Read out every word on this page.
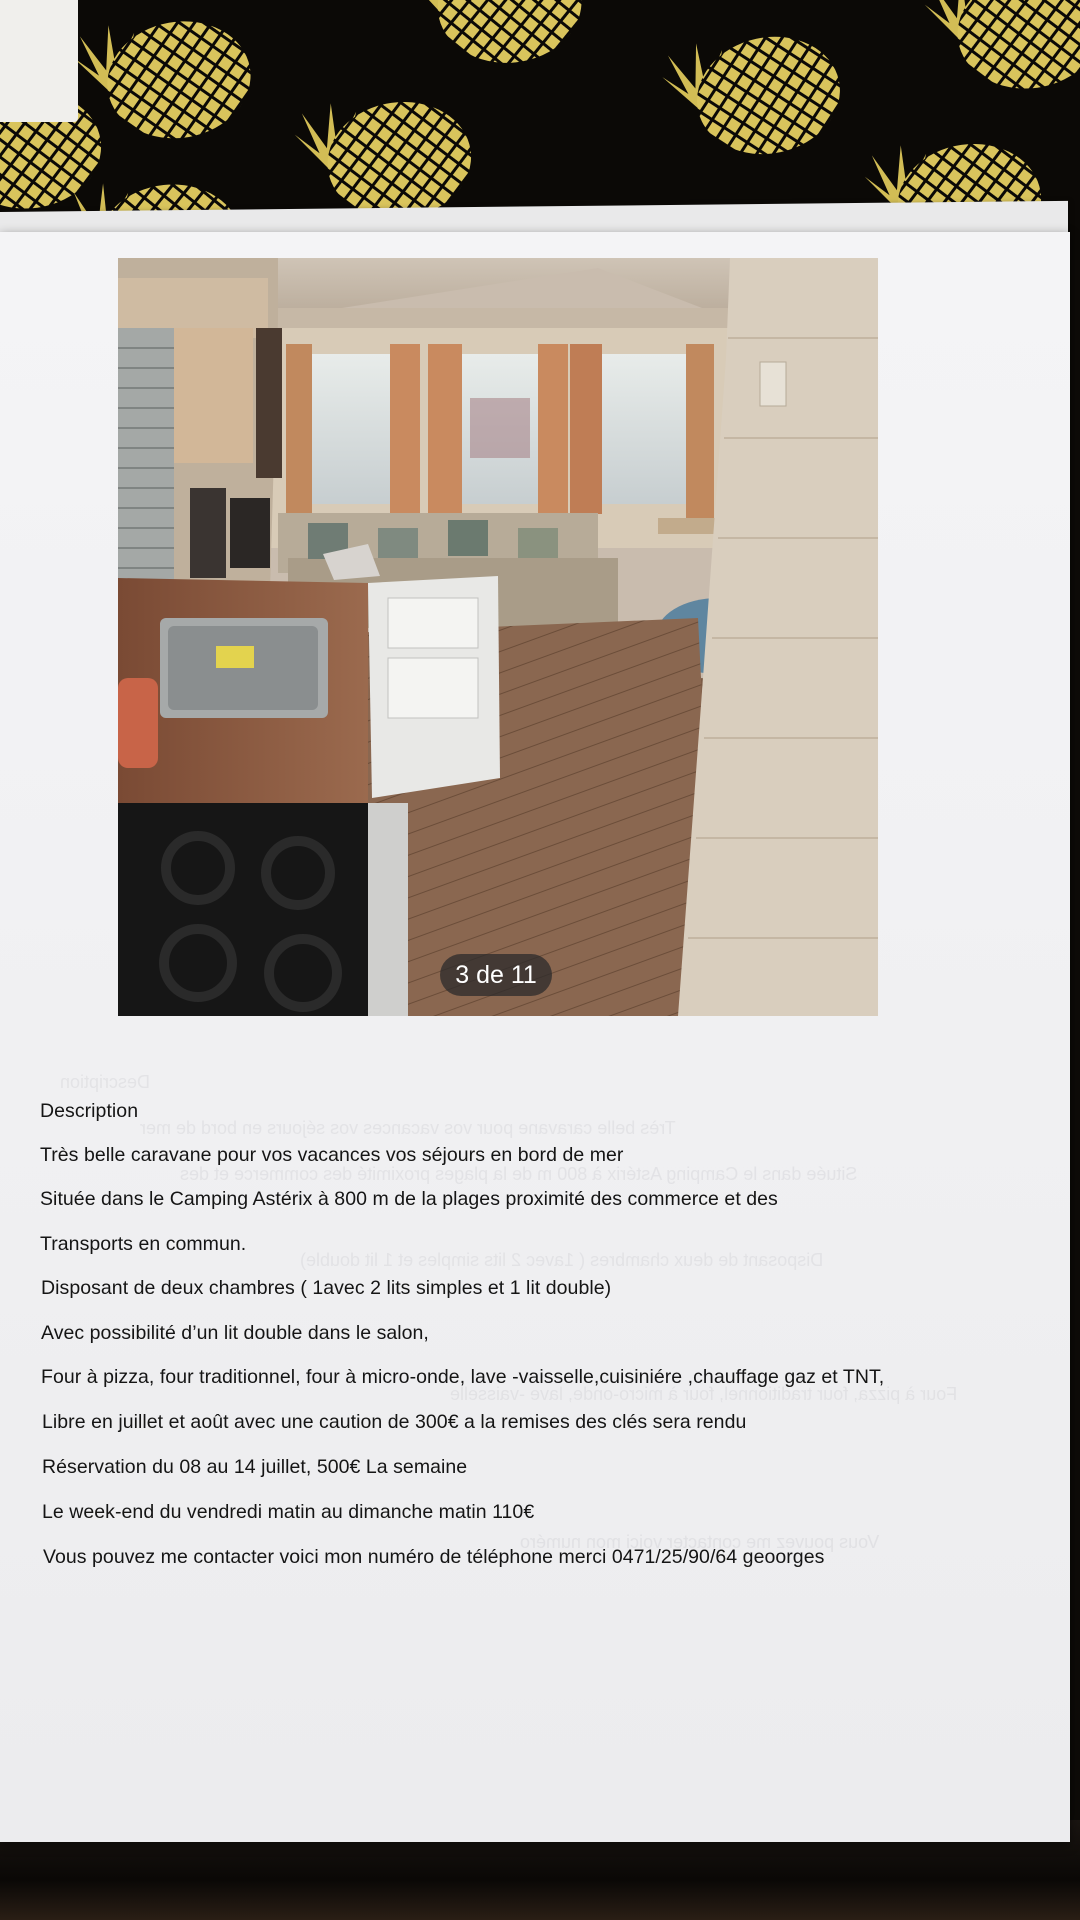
Description
Très belle caravane pour vos vacances vos séjours en bord de mer
Située dans le Camping Astérix à 800 m de la plages proximité des commerce et des
Disposant de deux chambres ( 1avec 2 lits simples et 1 lit double)
Four à pizza, four traditionnel, four à micro-onde, lave -vaisselle
Vous pouvez me contacter voici mon numéro
3 de 11
Description
Très belle caravane pour vos vacances vos séjours en bord de mer
Située dans le Camping Astérix à 800 m de la plages proximité des commerce et des
Transports en commun.
Disposant de deux chambres ( 1avec 2 lits simples et 1 lit double)
Avec possibilité d’un lit double dans le salon,
Four à pizza, four traditionnel, four à micro-onde, lave -vaisselle,cuisiniére ,chauffage gaz et TNT,
Libre en juillet et août avec une caution de 300€ a la remises des clés sera rendu
Réservation du 08 au 14 juillet, 500€ La semaine
Le week-end du vendredi matin au dimanche matin 110€
Vous pouvez me contacter voici mon numéro de téléphone merci 0471/25/90/64 geoorges
